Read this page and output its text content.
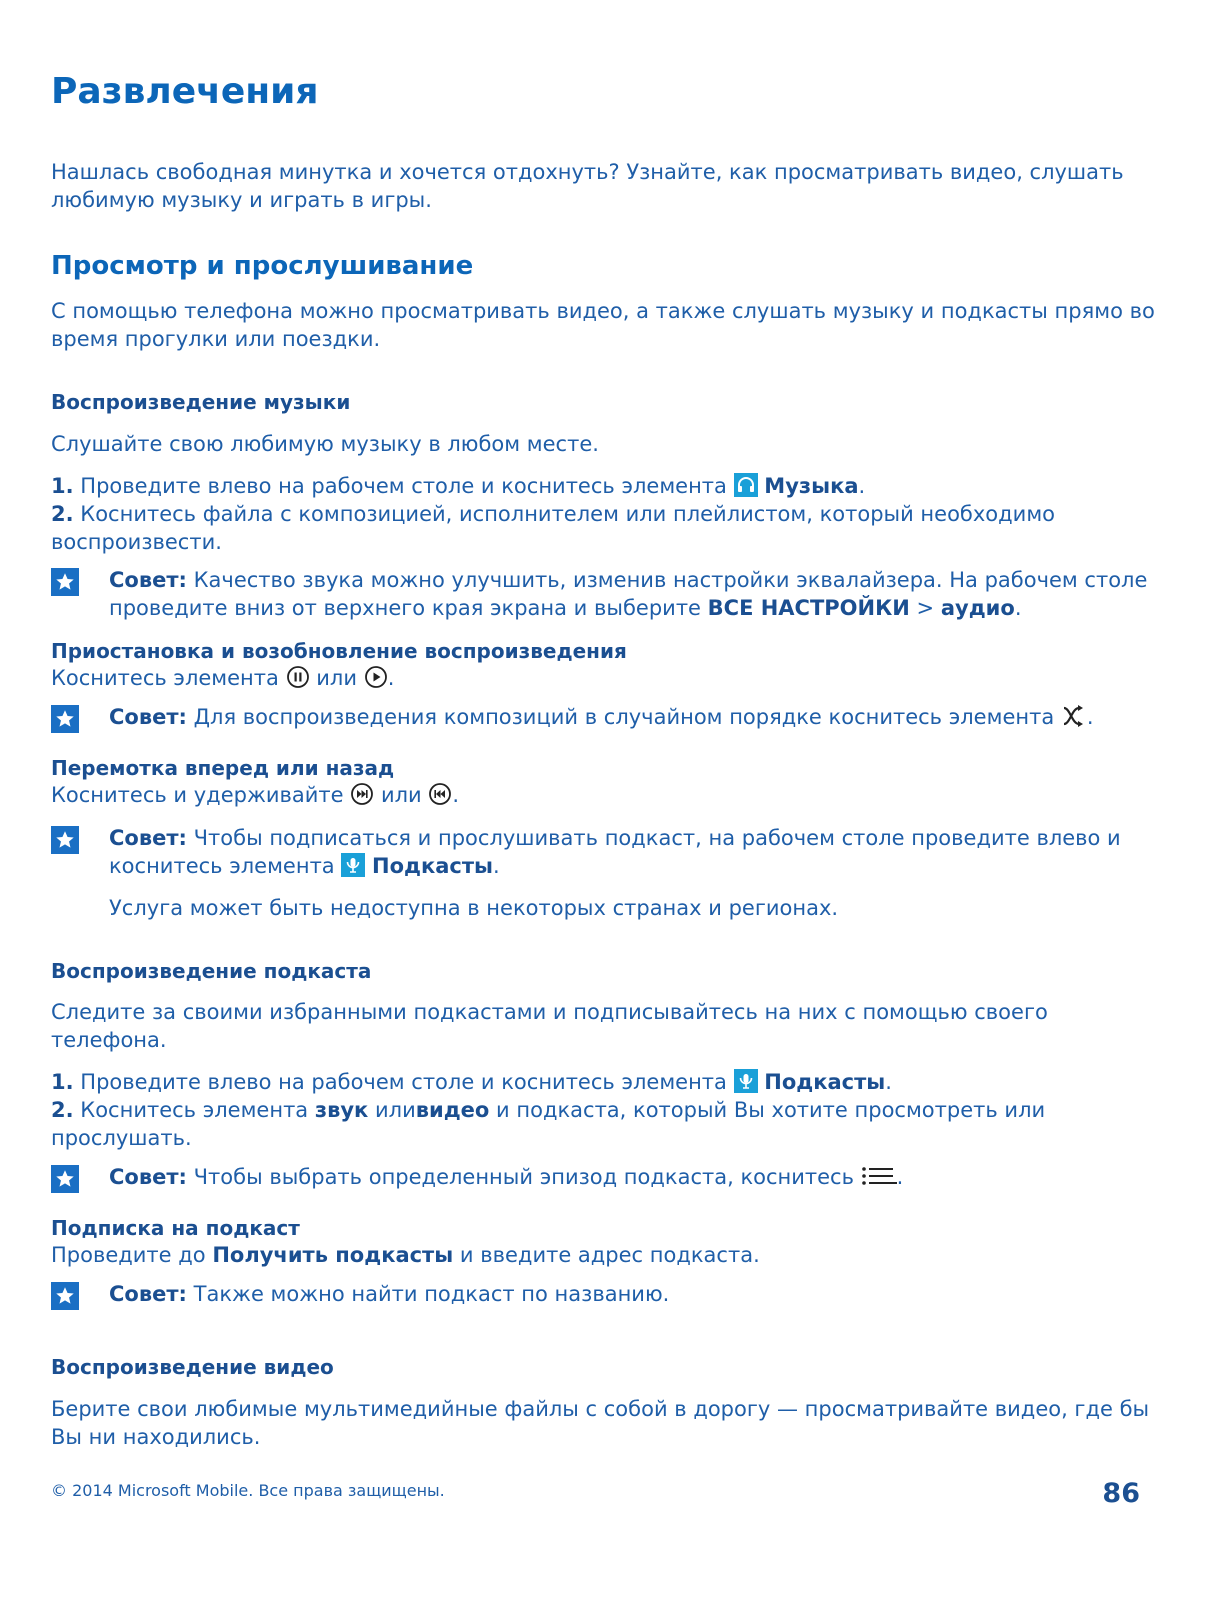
Развлечения

Нашлась свободная минутка и хочется отдохнуть? Узнайте, как просматривать видео, слушать любимую музыку и играть в игры.

Просмотр и прослушивание

С помощью телефона можно просматривать видео, а также слушать музыку и подкасты прямо во время прогулки или поездки.

Воспроизведение музыки

Слушайте свою любимую музыку в любом месте.

1. Проведите влево на рабочем столе и коснитесь элемента Музыка.

2. Коснитесь файла с композицией, исполнителем или плейлистом, который необходимо воспроизвести.

Совет: Качество звука можно улучшить, изменив настройки эквалайзера. На рабочем столе проведите вниз от верхнего края экрана и выберите ВСЕ НАСТРОЙКИ > аудио.
Приостановка и возобновление воспроизведения

Коснитесь элемента или .

Совет: Для воспроизведения композиций в случайном порядке коснитесь элемента .
Перемотка вперед или назад

Коснитесь и удерживайте или .

Совет: Чтобы подписаться и прослушивать подкаст, на рабочем столе проведите влево и коснитесь элемента Подкасты.

Услуга может быть недоступна в некоторых странах и регионах.

Воспроизведение подкаста

Следите за своими избранными подкастами и подписывайтесь на них с помощью своего телефона.

1. Проведите влево на рабочем столе и коснитесь элемента Подкасты.

2. Коснитесь элемента звук иливидео и подкаста, который Вы хотите просмотреть или прослушать.

Совет: Чтобы выбрать определенный эпизод подкаста, коснитесь .
Подписка на подкаст

Проведите до Получить подкасты и введите адрес подкаста.

Совет: Также можно найти подкаст по названию.
Воспроизведение видео

Берите свои любимые мультимедийные файлы с собой в дорогу — просматривайте видео, где бы Вы ни находились.

© 2014 Microsoft Mobile. Все права защищены.	86
